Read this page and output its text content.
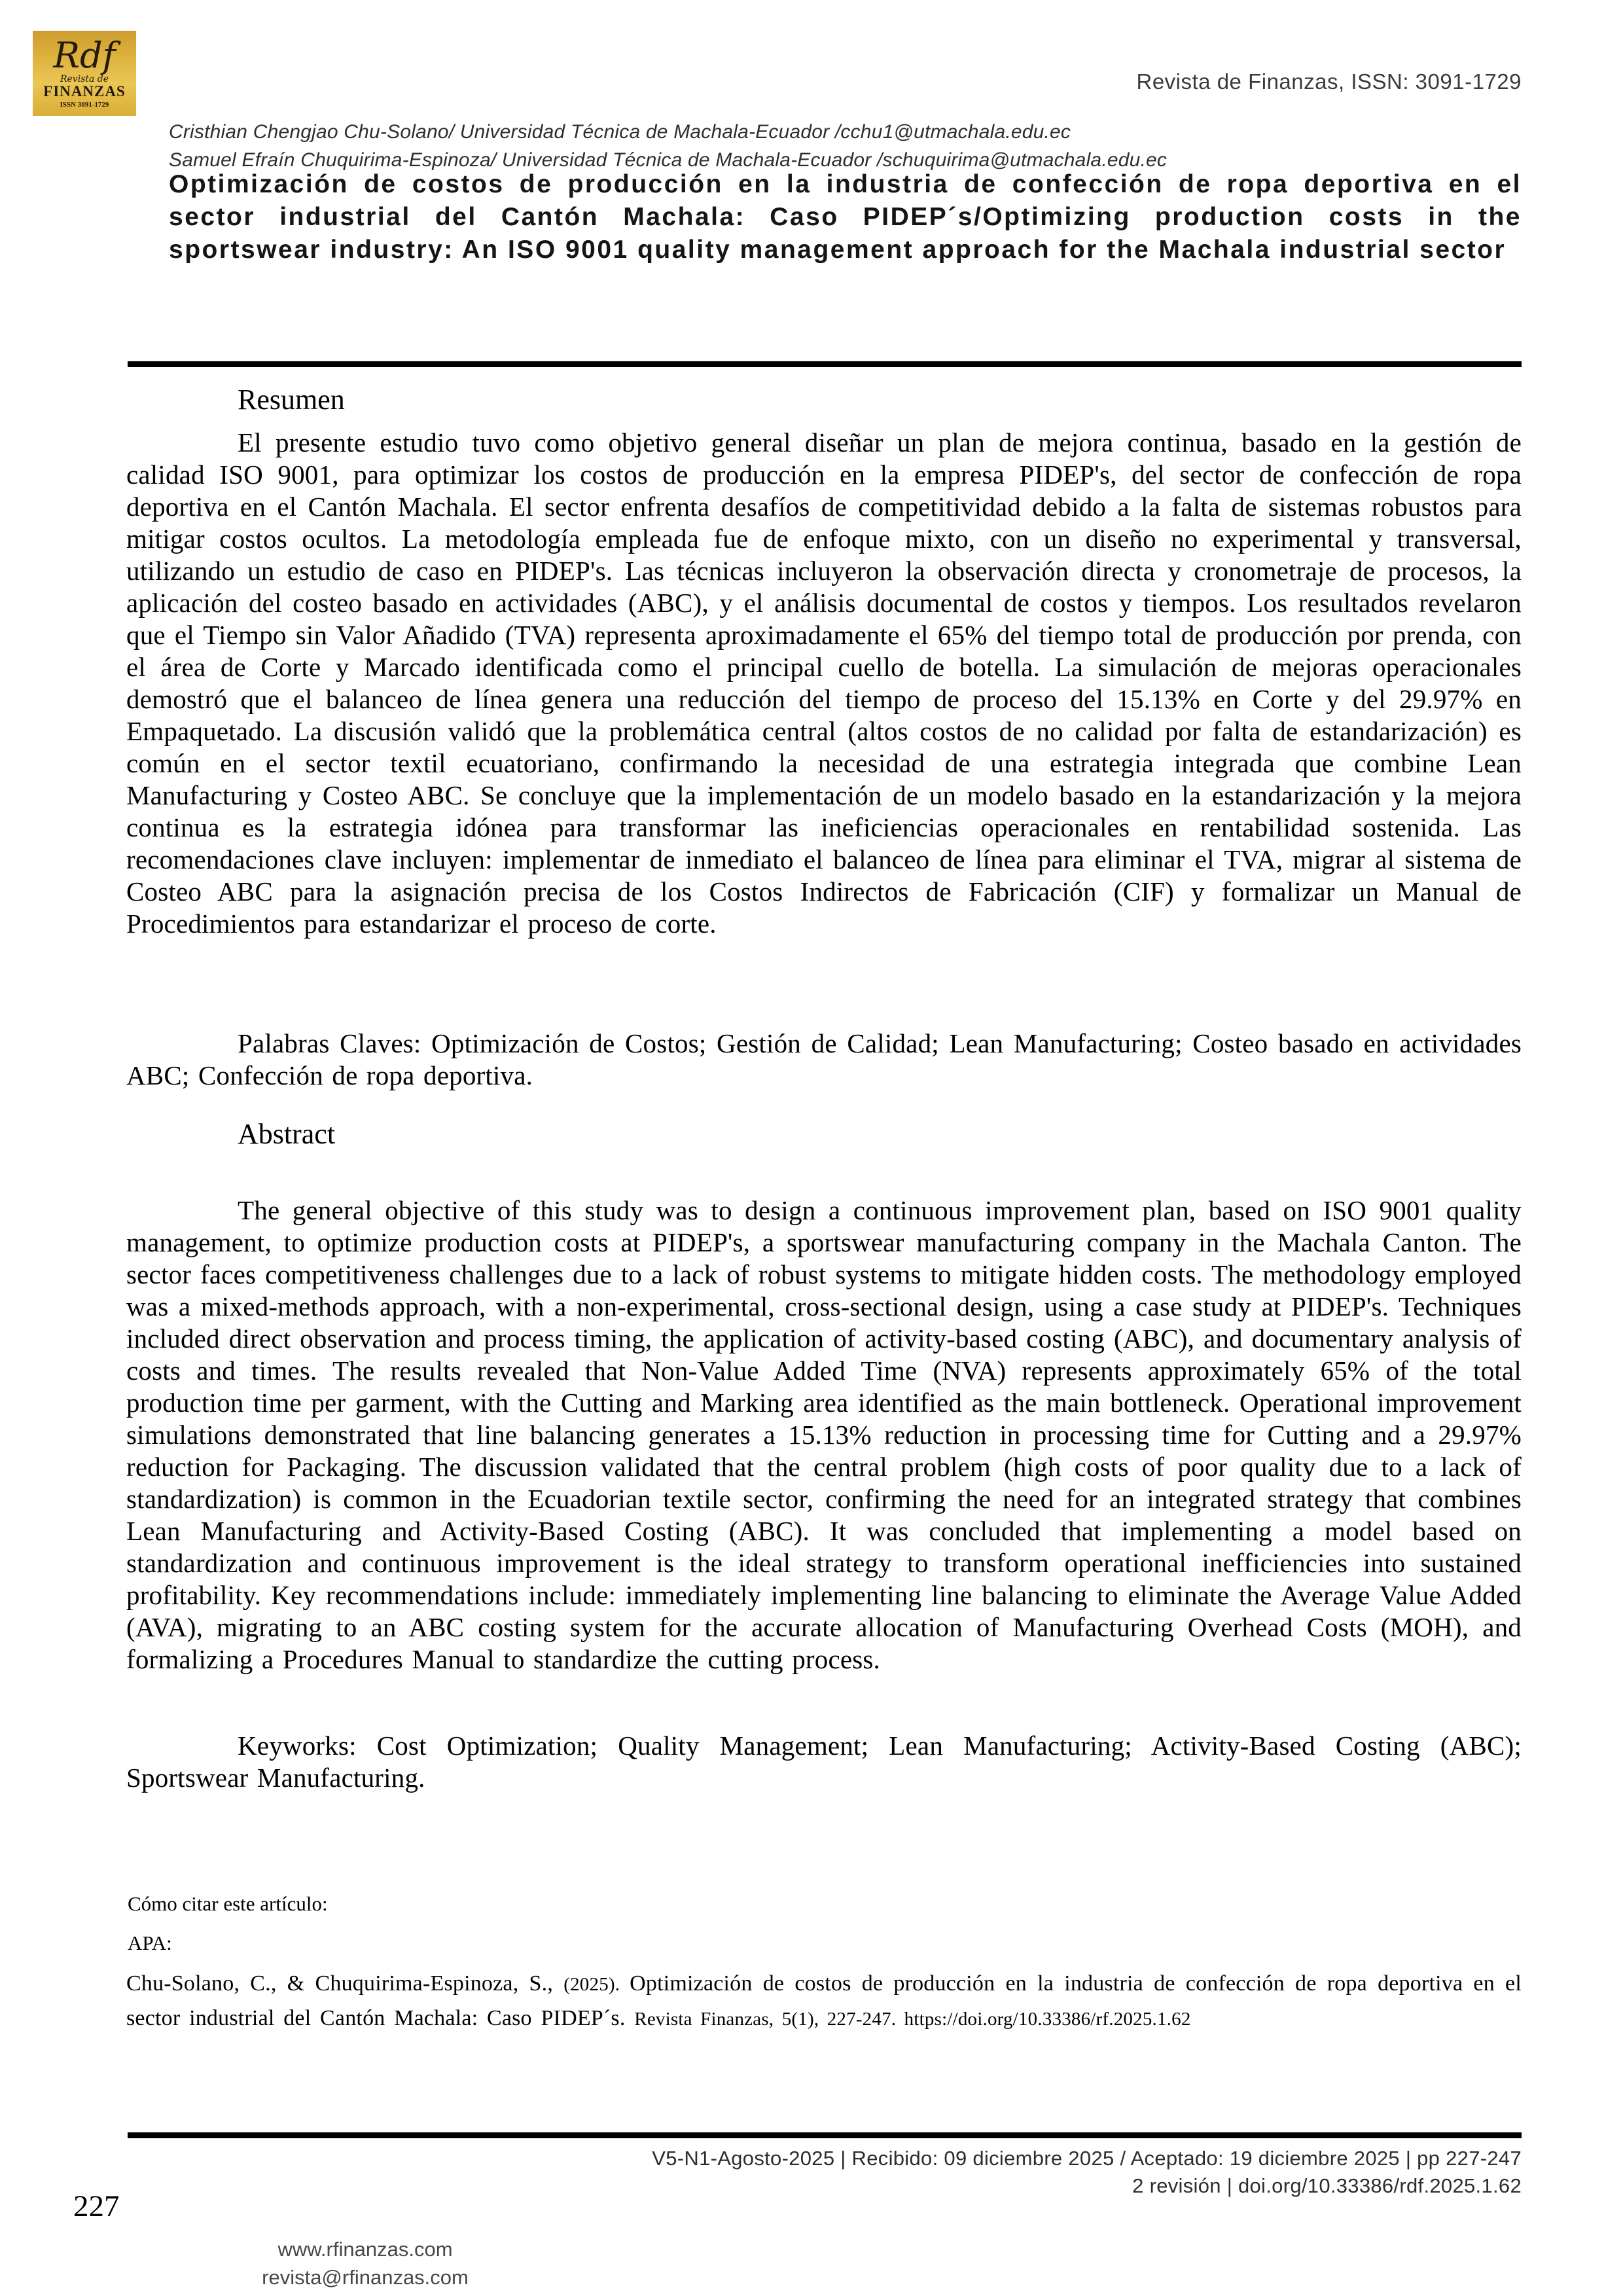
Rdf
Revista de
FINANZAS
ISSN 3091-1729
Revista de Finanzas, ISSN: 3091-1729
Cristhian Chengjao Chu-Solano/ Universidad Técnica de Machala-Ecuador /cchu1@utmachala.edu.ec
Samuel Efraín Chuquirima-Espinoza/ Universidad Técnica de Machala-Ecuador /schuquirima@utmachala.edu.ec
Optimización de costos de producción en la industria de confección de ropa deportiva en el sector industrial del Cantón Machala: Caso PIDEP´s/Optimizing production costs in the sportswear industry: An ISO 9001 quality management approach for the Machala industrial sector
Resumen
El presente estudio tuvo como objetivo general diseñar un plan de mejora continua, basado en la gestión de calidad ISO 9001, para optimizar los costos de producción en la empresa PIDEP's, del sector de confección de ropa deportiva en el Cantón Machala. El sector enfrenta desafíos de competitividad debido a la falta de sistemas robustos para mitigar costos ocultos. La metodología empleada fue de enfoque mixto, con un diseño no experimental y transversal, utilizando un estudio de caso en PIDEP's. Las técnicas incluyeron la observación directa y cronometraje de procesos, la aplicación del costeo basado en actividades (ABC), y el análisis documental de costos y tiempos. Los resultados revelaron que el Tiempo sin Valor Añadido (TVA) representa aproximadamente el 65% del tiempo total de producción por prenda, con el área de Corte y Marcado identificada como el principal cuello de botella. La simulación de mejoras operacionales demostró que el balanceo de línea genera una reducción del tiempo de proceso del 15.13% en Corte y del 29.97% en Empaquetado. La discusión validó que la problemática central (altos costos de no calidad por falta de estandarización) es común en el sector textil ecuatoriano, confirmando la necesidad de una estrategia integrada que combine Lean Manufacturing y Costeo ABC. Se concluye que la implementación de un modelo basado en la estandarización y la mejora continua es la estrategia idónea para transformar las ineficiencias operacionales en rentabilidad sostenida. Las recomendaciones clave incluyen: implementar de inmediato el balanceo de línea para eliminar el TVA, migrar al sistema de Costeo ABC para la asignación precisa de los Costos Indirectos de Fabricación (CIF) y formalizar un Manual de Procedimientos para estandarizar el proceso de corte.
Palabras Claves: Optimización de Costos; Gestión de Calidad; Lean Manufacturing; Costeo basado en actividades ABC; Confección de ropa deportiva.
Abstract
The general objective of this study was to design a continuous improvement plan, based on ISO 9001 quality management, to optimize production costs at PIDEP's, a sportswear manufacturing company in the Machala Canton. The sector faces competitiveness challenges due to a lack of robust systems to mitigate hidden costs. The methodology employed was a mixed-methods approach, with a non-experimental, cross-sectional design, using a case study at PIDEP's. Techniques included direct observation and process timing, the application of activity-based costing (ABC), and documentary analysis of costs and times. The results revealed that Non-Value Added Time (NVA) represents approximately 65% of the total production time per garment, with the Cutting and Marking area identified as the main bottleneck. Operational improvement simulations demonstrated that line balancing generates a 15.13% reduction in processing time for Cutting and a 29.97% reduction for Packaging. The discussion validated that the central problem (high costs of poor quality due to a lack of standardization) is common in the Ecuadorian textile sector, confirming the need for an integrated strategy that combines Lean Manufacturing and Activity-Based Costing (ABC). It was concluded that implementing a model based on standardization and continuous improvement is the ideal strategy to transform operational inefficiencies into sustained profitability. Key recommendations include: immediately implementing line balancing to eliminate the Average Value Added (AVA), migrating to an ABC costing system for the accurate allocation of Manufacturing Overhead Costs (MOH), and formalizing a Procedures Manual to standardize the cutting process.
Keyworks: Cost Optimization; Quality Management; Lean Manufacturing; Activity-Based Costing (ABC); Sportswear Manufacturing.
Cómo citar este artículo:
APA:
Chu-Solano, C., & Chuquirima-Espinoza, S., (2025). Optimización de costos de producción en la industria de confección de ropa deportiva en el sector industrial del Cantón Machala: Caso PIDEP´s. Revista Finanzas, 5(1), 227-247. https://doi.org/10.33386/rf.2025.1.62
V5-N1-Agosto-2025 | Recibido: 09 diciembre 2025 / Aceptado: 19 diciembre 2025 | pp 227-247
2 revisión | doi.org/10.33386/rdf.2025.1.62
227
www.rfinanzas.com
revista@rfinanzas.com
